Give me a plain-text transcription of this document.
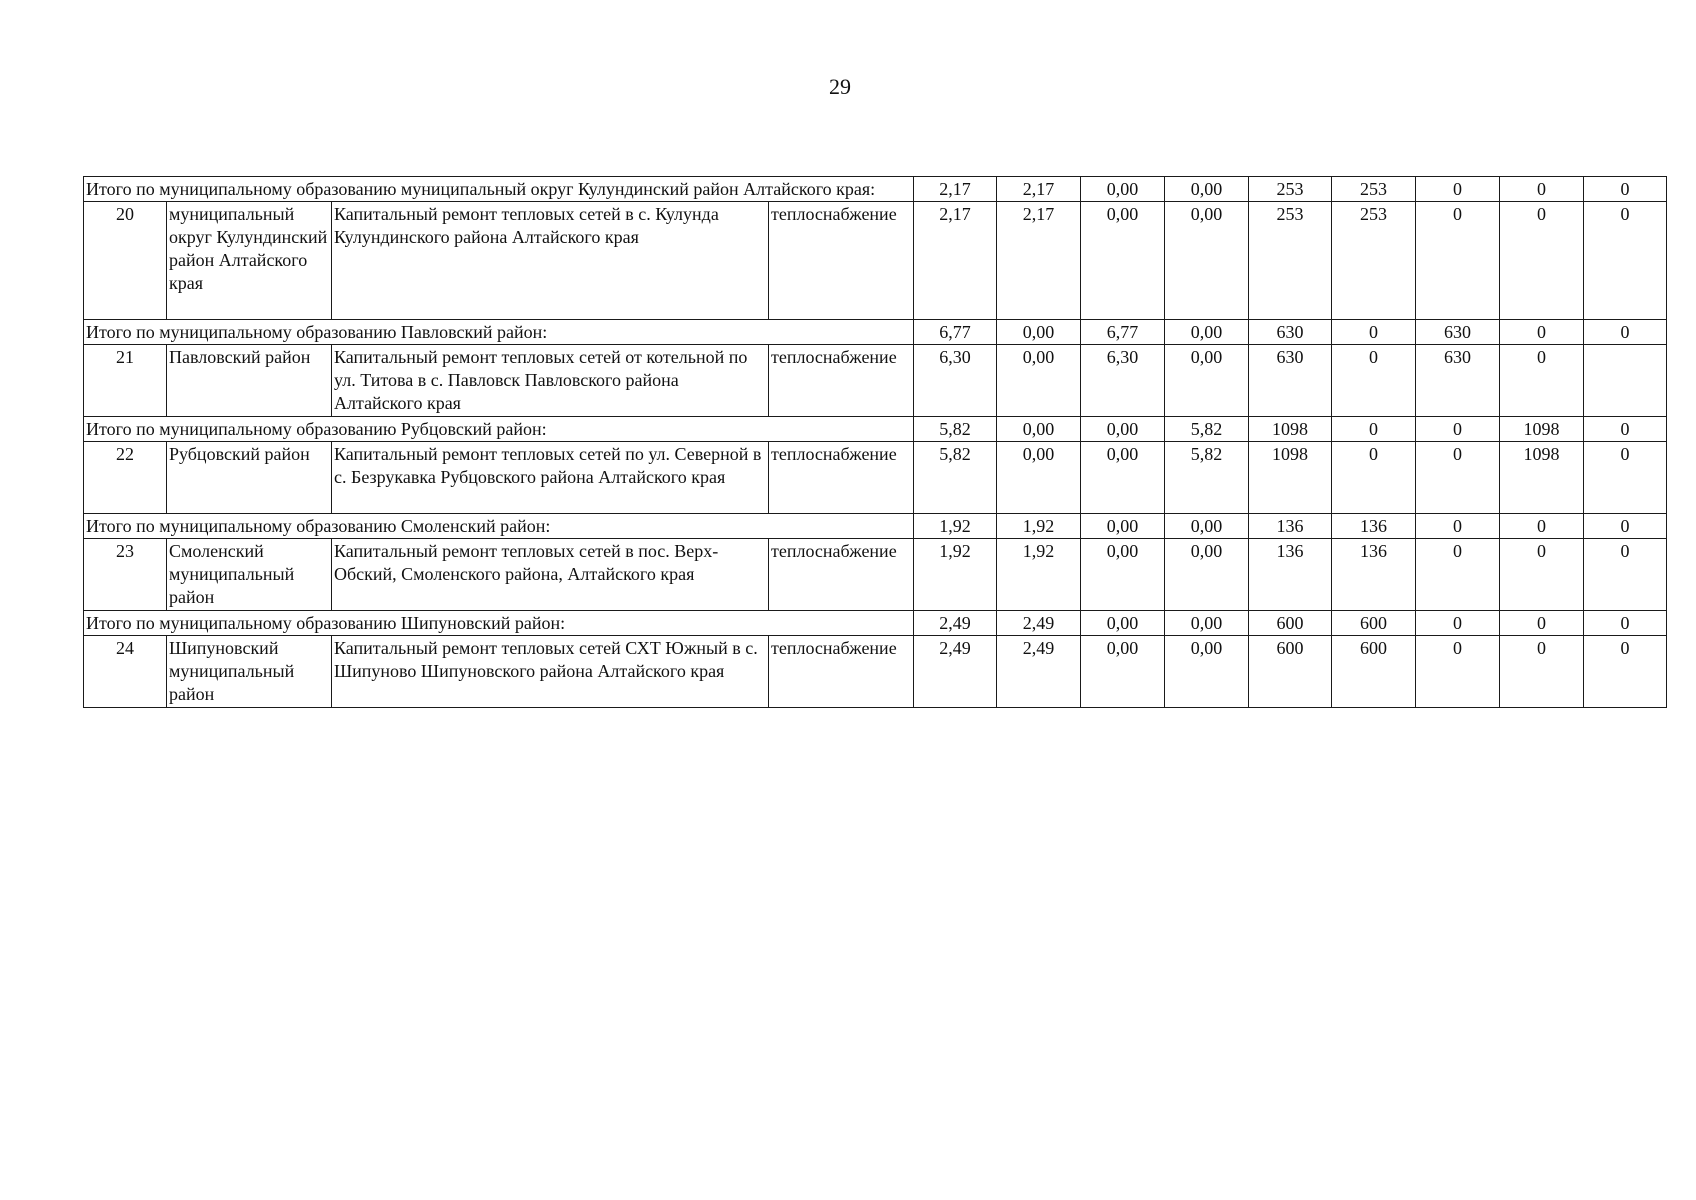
29
Итого по муниципальному образованию муниципальный округ Кулундинский район Алтайского края:				2,17	2,17	0,00	0,00	253	253	0	0	0
20	муниципальный округ Кулундинский район Алтайского края	Капитальный ремонт тепловых сетей в с. Кулунда Кулундинского района Алтайского края	теплоснабжение	2,17	2,17	0,00	0,00	253	253	0	0	0
Итого по муниципальному образованию Павловский район:				6,77	0,00	6,77	0,00	630	0	630	0	0
21	Павловский район	Капитальный ремонт тепловых сетей от котельной по ул. Титова в с. Павловск Павловского района Алтайского края	теплоснабжение	6,30	0,00	6,30	0,00	630	0	630	0	
Итого по муниципальному образованию Рубцовский район:				5,82	0,00	0,00	5,82	1098	0	0	1098	0
22	Рубцовский район	Капитальный ремонт тепловых сетей по ул. Северной в с. Безрукавка Рубцовского района Алтайского края	теплоснабжение	5,82	0,00	0,00	5,82	1098	0	0	1098	0
Итого по муниципальному образованию Смоленский район:				1,92	1,92	0,00	0,00	136	136	0	0	0
23	Смоленский муниципальный район	Капитальный ремонт тепловых сетей в пос. Верх-Обский, Смоленского района, Алтайского края	теплоснабжение	1,92	1,92	0,00	0,00	136	136	0	0	0
Итого по муниципальному образованию Шипуновский район:				2,49	2,49	0,00	0,00	600	600	0	0	0
24	Шипуновский муниципальный район	Капитальный ремонт тепловых сетей СХТ Южный в с. Шипуново Шипуновского района Алтайского края	теплоснабжение	2,49	2,49	0,00	0,00	600	600	0	0	0
